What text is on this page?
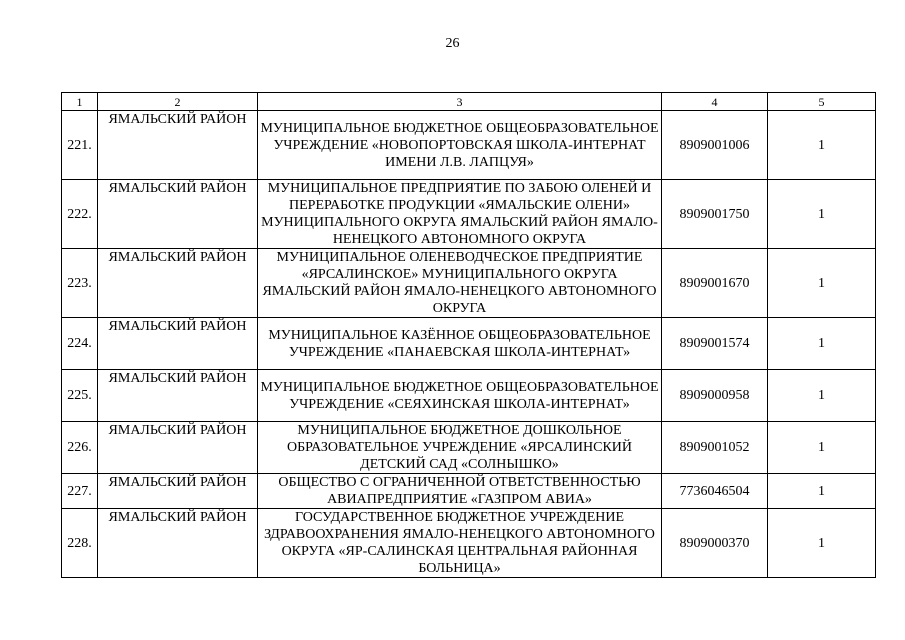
26
1	2	3	4	5
221.	ЯМАЛЬСКИЙ РАЙОН	МУНИЦИПАЛЬНОЕ БЮДЖЕТНОЕ ОБЩЕОБРАЗОВАТЕЛЬНОЕ УЧРЕЖДЕНИЕ «НОВОПОРТОВСКАЯ ШКОЛА-ИНТЕРНАТ ИМЕНИ Л.В. ЛАПЦУЯ»	8909001006	1
222.	ЯМАЛЬСКИЙ РАЙОН	МУНИЦИПАЛЬНОЕ ПРЕДПРИЯТИЕ ПО ЗАБОЮ ОЛЕНЕЙ И ПЕРЕРАБОТКЕ ПРОДУКЦИИ «ЯМАЛЬСКИЕ ОЛЕНИ» МУНИЦИПАЛЬНОГО ОКРУГА ЯМАЛЬСКИЙ РАЙОН ЯМАЛО-НЕНЕЦКОГО АВТОНОМНОГО ОКРУГА	8909001750	1
223.	ЯМАЛЬСКИЙ РАЙОН	МУНИЦИПАЛЬНОЕ ОЛЕНЕВОДЧЕСКОЕ ПРЕДПРИЯТИЕ «ЯРСАЛИНСКОЕ» МУНИЦИПАЛЬНОГО ОКРУГА ЯМАЛЬСКИЙ РАЙОН ЯМАЛО-НЕНЕЦКОГО АВТОНОМНОГО ОКРУГА	8909001670	1
224.	ЯМАЛЬСКИЙ РАЙОН	МУНИЦИПАЛЬНОЕ КАЗЁННОЕ ОБЩЕОБРАЗОВАТЕЛЬНОЕ УЧРЕЖДЕНИЕ «ПАНАЕВСКАЯ ШКОЛА-ИНТЕРНАТ»	8909001574	1
225.	ЯМАЛЬСКИЙ РАЙОН	МУНИЦИПАЛЬНОЕ БЮДЖЕТНОЕ ОБЩЕОБРАЗОВАТЕЛЬНОЕ УЧРЕЖДЕНИЕ «СЕЯХИНСКАЯ ШКОЛА-ИНТЕРНАТ»	8909000958	1
226.	ЯМАЛЬСКИЙ РАЙОН	МУНИЦИПАЛЬНОЕ БЮДЖЕТНОЕ ДОШКОЛЬНОЕ ОБРАЗОВАТЕЛЬНОЕ УЧРЕЖДЕНИЕ «ЯРСАЛИНСКИЙ ДЕТСКИЙ САД «СОЛНЫШКО»	8909001052	1
227.	ЯМАЛЬСКИЙ РАЙОН	ОБЩЕСТВО С ОГРАНИЧЕННОЙ ОТВЕТСТВЕННОСТЬЮ АВИАПРЕДПРИЯТИЕ «ГАЗПРОМ АВИА»	7736046504	1
228.	ЯМАЛЬСКИЙ РАЙОН	ГОСУДАРСТВЕННОЕ БЮДЖЕТНОЕ УЧРЕЖДЕНИЕ ЗДРАВООХРАНЕНИЯ ЯМАЛО-НЕНЕЦКОГО АВТОНОМНОГО ОКРУГА «ЯР-САЛИНСКАЯ ЦЕНТРАЛЬНАЯ РАЙОННАЯ БОЛЬНИЦА»	8909000370	1
